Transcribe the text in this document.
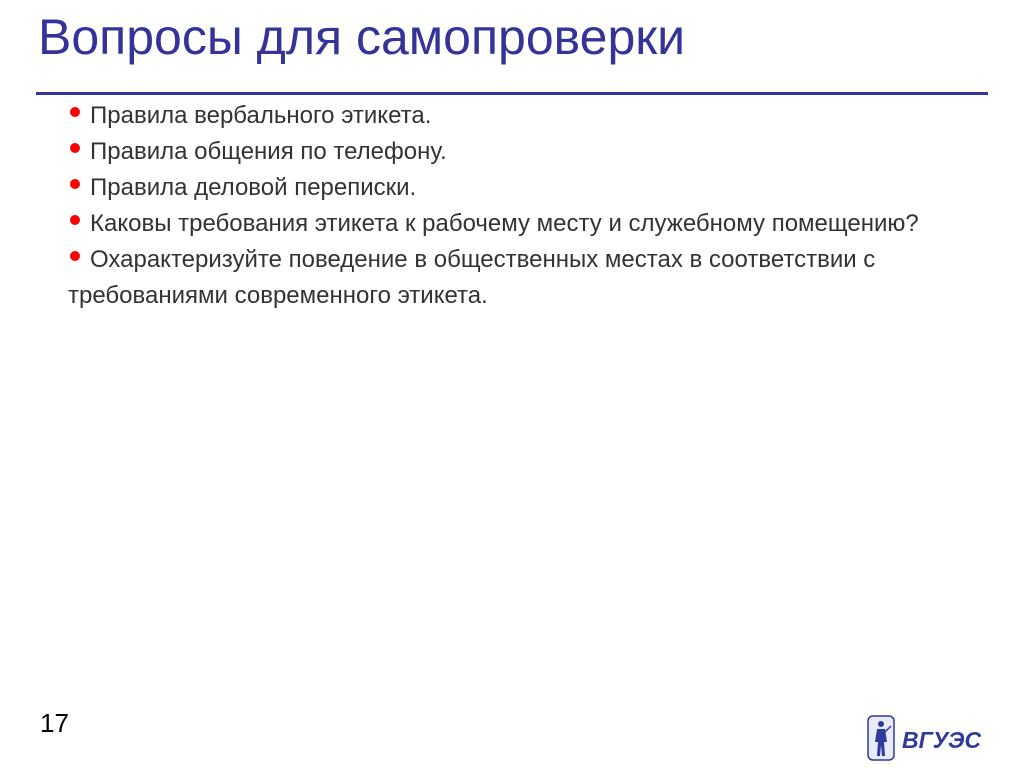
Вопросы для самопроверки
Правила вербального этикета.
Правила общения по телефону.
Правила деловой переписки.
Каковы требования этикета к рабочему месту и служебному помещению?
Охарактеризуйте поведение в общественных местах в соответствии с требованиями современного этикета.
17
ВГУЭС
